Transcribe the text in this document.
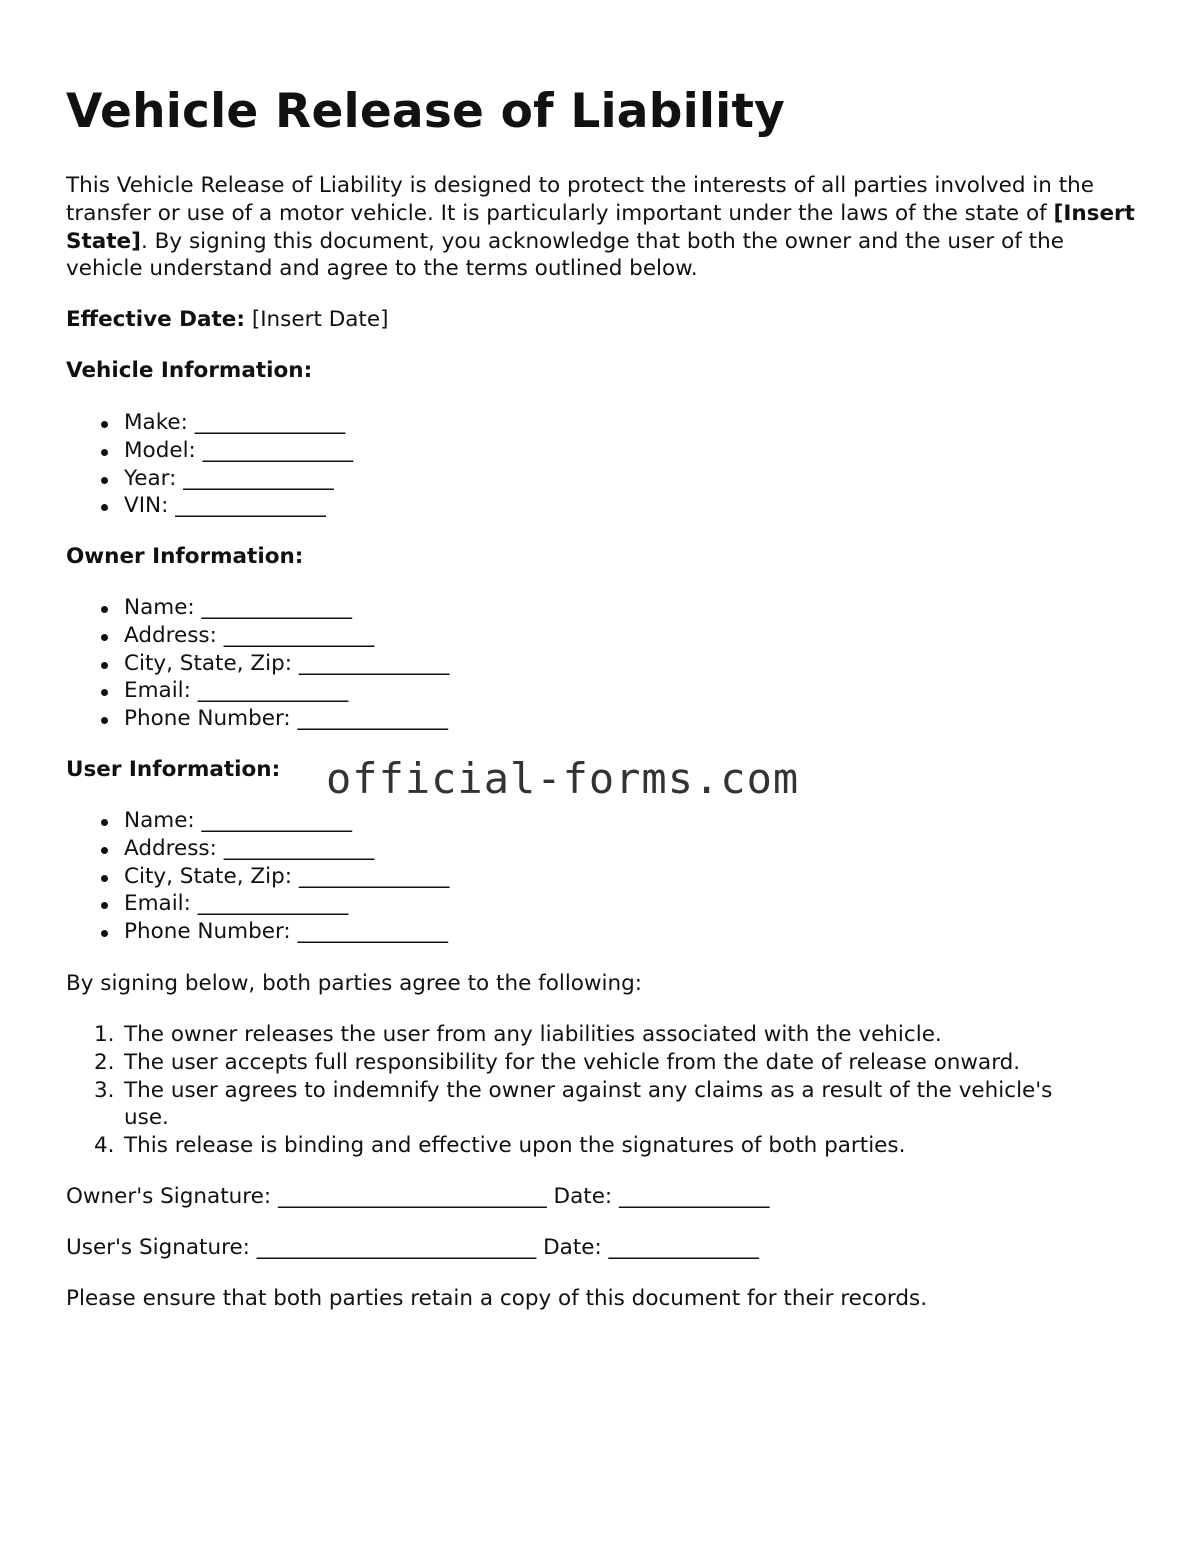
Vehicle Release of Liability

This Vehicle Release of Liability is designed to protect the interests of all parties involved in the transfer or use of a motor vehicle. It is particularly important under the laws of the state of [Insert State]. By signing this document, you acknowledge that both the owner and the user of the vehicle understand and agree to the terms outlined below.

Effective Date: [Insert Date]

Vehicle Information:

Make: ______________
Model: ______________
Year: ______________
VIN: ______________

Owner Information:

Name: ______________
Address: ______________
City, State, Zip: ______________
Email: ______________
Phone Number: ______________

User Information:

Name: ______________
Address: ______________
City, State, Zip: ______________
Email: ______________
Phone Number: ______________

By signing below, both parties agree to the following:

1. The owner releases the user from any liabilities associated with the vehicle.
2. The user accepts full responsibility for the vehicle from the date of release onward.
3. The user agrees to indemnify the owner against any claims as a result of the vehicle's use.
4. This release is binding and effective upon the signatures of both parties.

Owner's Signature: _________________________ Date: ______________

User's Signature: __________________________ Date: ______________

Please ensure that both parties retain a copy of this document for their records.

official-forms.com
